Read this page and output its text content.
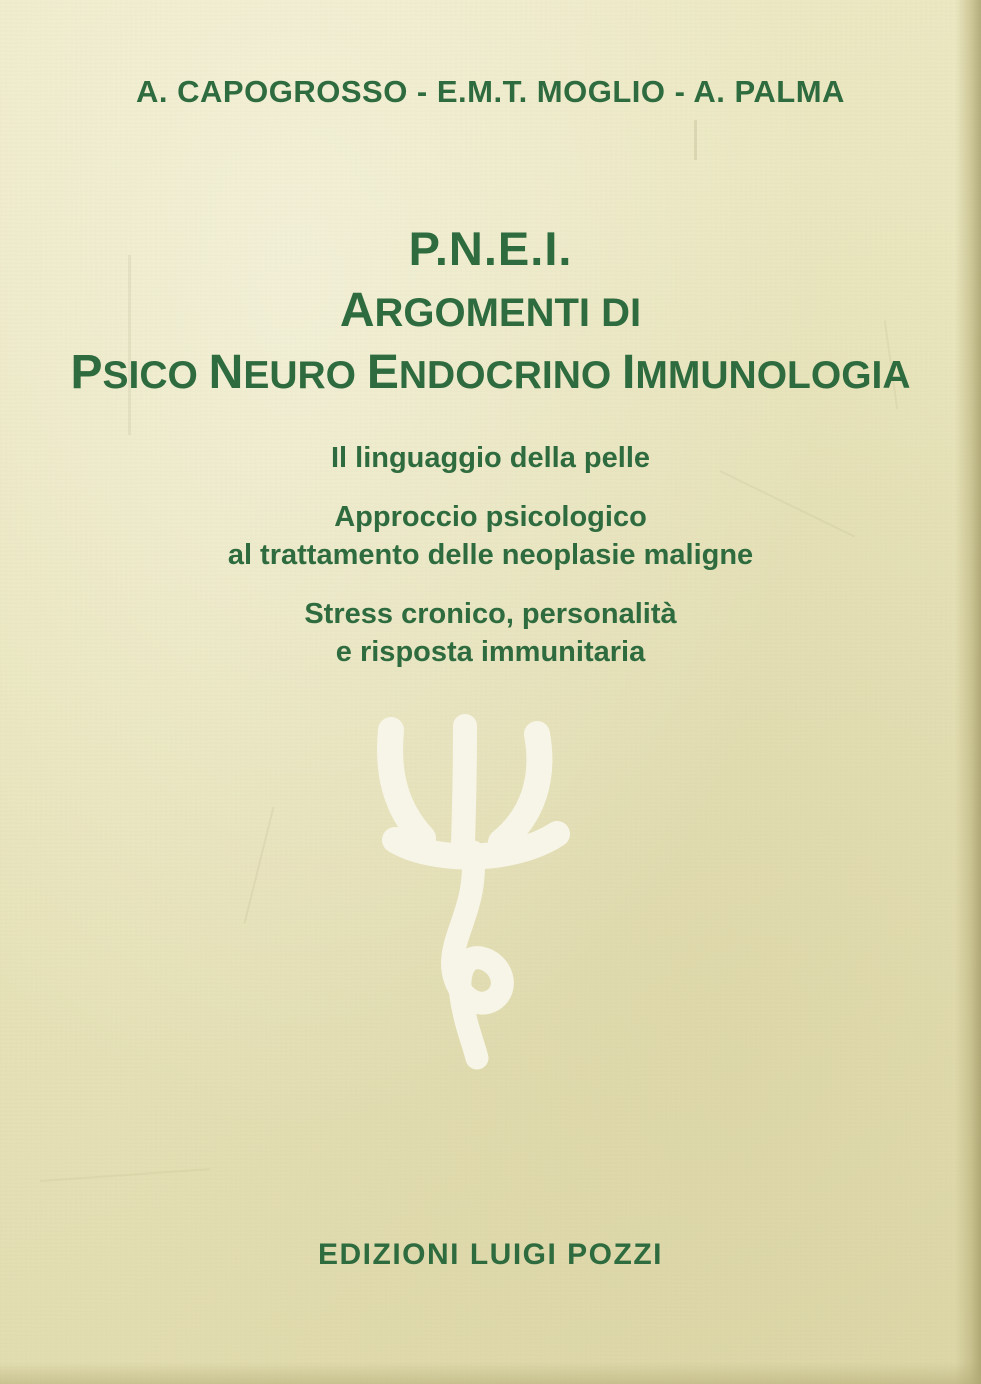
A. CAPOGROSSO - E.M.T. MOGLIO - A. PALMA
P.N.E.I.
ARGOMENTI DI
PSICO NEURO ENDOCRINO IMMUNOLOGIA
Il linguaggio della pelle
Approccio psicologico
al trattamento delle neoplasie maligne
Stress cronico, personalità
e risposta immunitaria
EDIZIONI LUIGI POZZI
